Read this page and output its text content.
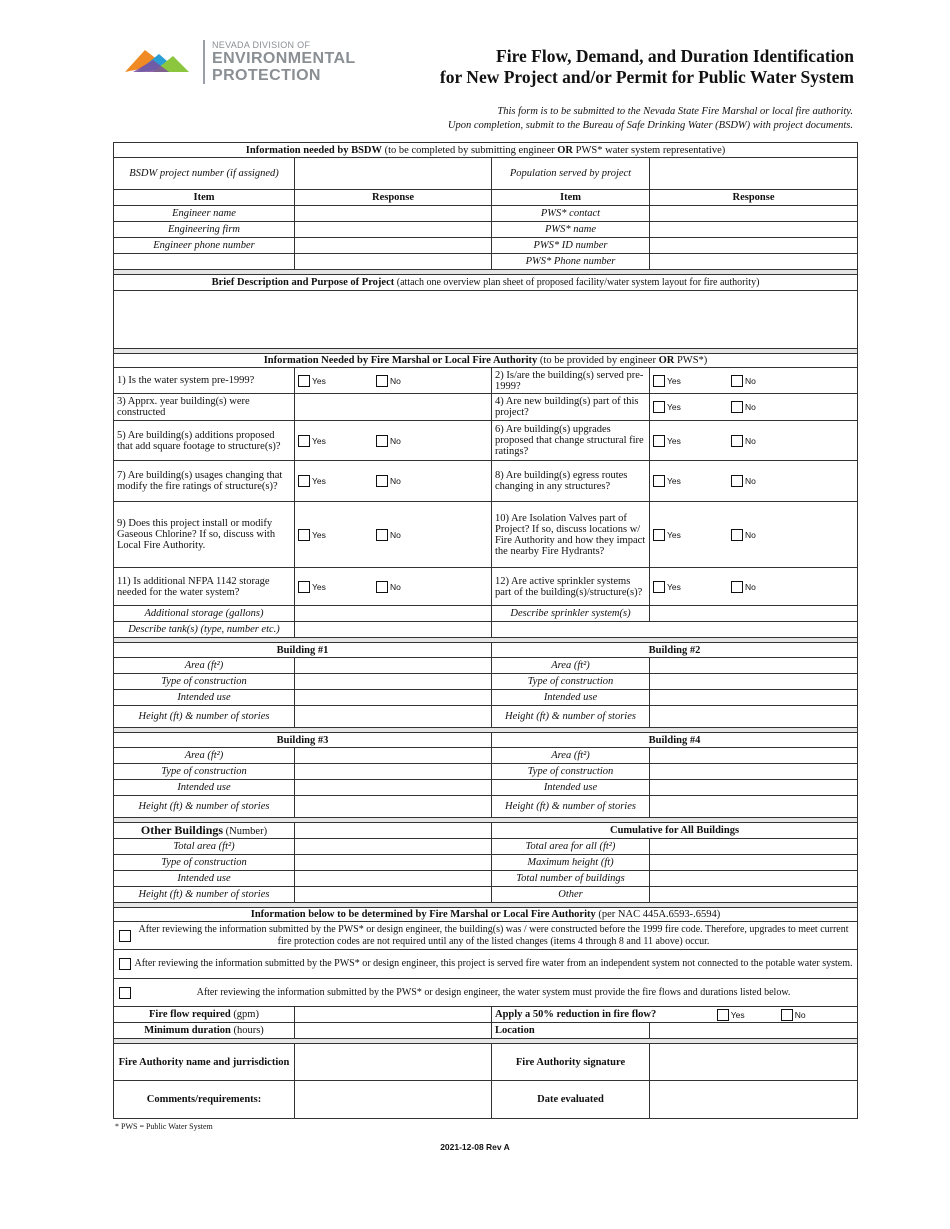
NEVADA DIVISION OF
ENVIRONMENTAL
PROTECTION
Fire Flow, Demand, and Duration Identification
for New Project and/or Permit for Public Water System
This form is to be submitted to the Nevada State Fire Marshal or local fire authority.
Upon completion, submit to the Bureau of Safe Drinking Water (BSDW) with project documents.
Information needed by BSDW (to be completed by submitting engineer OR PWS* water system representative)			
BSDW project number (if assigned)		Population served by project	
Item	Response	Item	Response
Engineer name		PWS* contact	
Engineering firm		PWS* name	
Engineer phone number		PWS* ID number	
		PWS* Phone number	

Brief Description and Purpose of Project (attach one overview plan sheet of proposed facility/water system layout for fire authority)			

Information Needed by Fire Marshal or Local Fire Authority (to be provided by engineer OR PWS*)			
1) Is the water system pre-1999?	Yes No	2) Is/are the building(s) served pre-1999?	Yes No

3) Apprx. year building(s) were constructed		4) Are new building(s) part of this project?	Yes No

5) Are building(s) additions proposed that add square footage to structure(s)?	Yes No	6) Are building(s) upgrades proposed that change structural fire ratings?	Yes No

7) Are building(s) usages changing that modify the fire ratings of structure(s)?	Yes No	8) Are building(s) egress routes changing in any structures?	Yes No

9) Does this project install or modify Gaseous Chlorine? If so, discuss with Local Fire Authority.	Yes No	10) Are Isolation Valves part of Project? If so, discuss locations w/ Fire Authority and how they impact the nearby Fire Hydrants?	Yes No

11) Is additional NFPA 1142 storage needed for the water system?	Yes No	12) Are active sprinkler systems part of the building(s)/structure(s)?	Yes No

Additional storage (gallons)		Describe sprinkler system(s)	
Describe tank(s) (type, number etc.)			

Building #1		Building #2	
Area (ft²)		Area (ft²)	
Type of construction		Type of construction	
Intended use		Intended use	
Height (ft) & number of stories		Height (ft) & number of stories	

Building #3		Building #4	
Area (ft²)		Area (ft²)	
Type of construction		Type of construction	
Intended use		Intended use	
Height (ft) & number of stories		Height (ft) & number of stories	

Other Buildings (Number)		Cumulative for All Buildings	
Total area (ft²)		Total area for all (ft²)	
Type of construction		Maximum height (ft)	
Intended use		Total number of buildings	
Height (ft) & number of stories		Other	

Information below to be determined by Fire Marshal or Local Fire Authority (per NAC 445A.6593-.6594)			

After reviewing the information submitted by the PWS* or design engineer, the building(s) was / were constructed before the 1999 fire code. Therefore, upgrades to meet current fire protection codes are not required until any of the listed changes (items 4 through 8 and 11 above) occur.			

After reviewing the information submitted by the PWS* or design engineer, this project is served fire water from an independent system not connected to the potable water system.			

After reviewing the information submitted by the PWS* or design engineer, the water system must provide the fire flows and durations listed below.			

Fire flow required (gpm)		Apply a 50% reduction in fire flow? Yes No	

Minimum duration (hours)		Location	

Fire Authority name and jurrisdiction		Fire Authority signature	
Comments/requirements:		Date evaluated	
* PWS = Public Water System
2021-12-08 Rev A
